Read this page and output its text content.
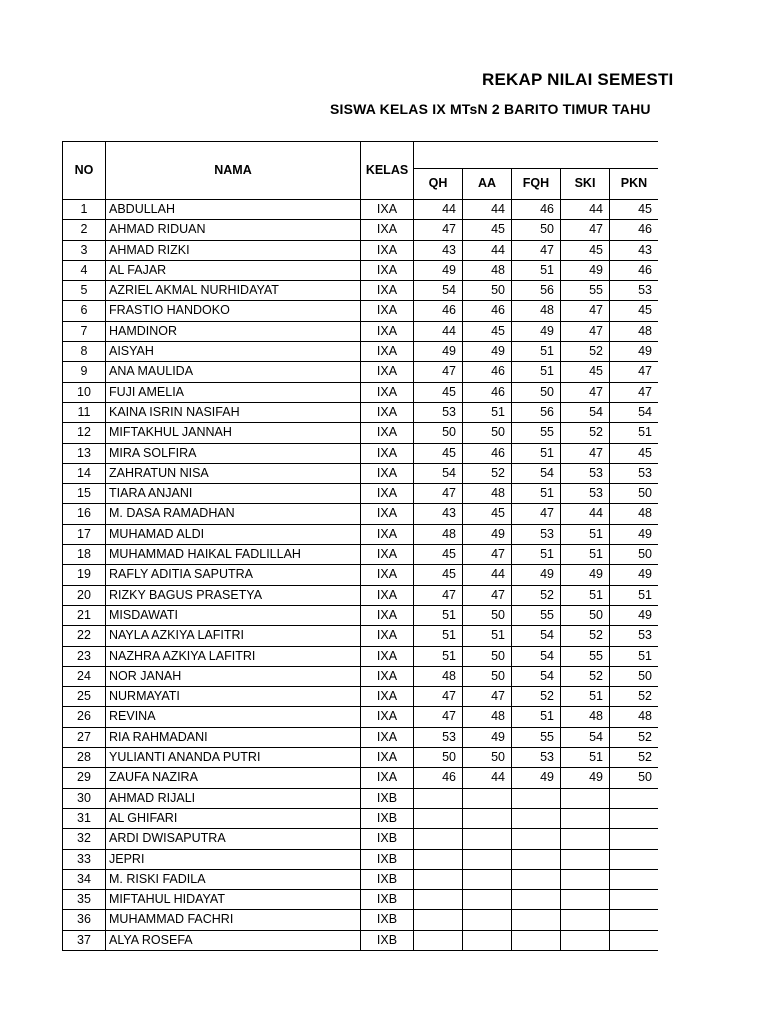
REKAP NILAI SEMESTI
SISWA KELAS IX MTsN 2 BARITO TIMUR TAHU
NO	NAMA	KELAS								
			QH	AA	FQH	SKI	PKN			
1	ABDULLAH	IXA	44	44	46	44	45			
2	AHMAD RIDUAN	IXA	47	45	50	47	46			
3	AHMAD RIZKI	IXA	43	44	47	45	43			
4	AL FAJAR	IXA	49	48	51	49	46			
5	AZRIEL AKMAL NURHIDAYAT	IXA	54	50	56	55	53			
6	FRASTIO HANDOKO	IXA	46	46	48	47	45			
7	HAMDINOR	IXA	44	45	49	47	48			
8	AISYAH	IXA	49	49	51	52	49			
9	ANA MAULIDA	IXA	47	46	51	45	47			
10	FUJI AMELIA	IXA	45	46	50	47	47			
11	KAINA ISRIN NASIFAH	IXA	53	51	56	54	54			
12	MIFTAKHUL JANNAH	IXA	50	50	55	52	51			
13	MIRA SOLFIRA	IXA	45	46	51	47	45			
14	ZAHRATUN NISA	IXA	54	52	54	53	53			
15	TIARA ANJANI	IXA	47	48	51	53	50			
16	M. DASA RAMADHAN	IXA	43	45	47	44	48			
17	MUHAMAD ALDI	IXA	48	49	53	51	49			
18	MUHAMMAD HAIKAL FADLILLAH	IXA	45	47	51	51	50			
19	RAFLY ADITIA SAPUTRA	IXA	45	44	49	49	49			
20	RIZKY BAGUS PRASETYA	IXA	47	47	52	51	51			
21	MISDAWATI	IXA	51	50	55	50	49			
22	NAYLA AZKIYA LAFITRI	IXA	51	51	54	52	53			
23	NAZHRA AZKIYA LAFITRI	IXA	51	50	54	55	51			
24	NOR JANAH	IXA	48	50	54	52	50			
25	NURMAYATI	IXA	47	47	52	51	52			
26	REVINA	IXA	47	48	51	48	48			
27	RIA RAHMADANI	IXA	53	49	55	54	52			
28	YULIANTI ANANDA PUTRI	IXA	50	50	53	51	52			
29	ZAUFA NAZIRA	IXA	46	44	49	49	50			
30	AHMAD RIJALI	IXB								
31	AL GHIFARI	IXB								
32	ARDI DWISAPUTRA	IXB								
33	JEPRI	IXB								
34	M. RISKI FADILA	IXB								
35	MIFTAHUL HIDAYAT	IXB								
36	MUHAMMAD FACHRI	IXB								
37	ALYA ROSEFA	IXB								
